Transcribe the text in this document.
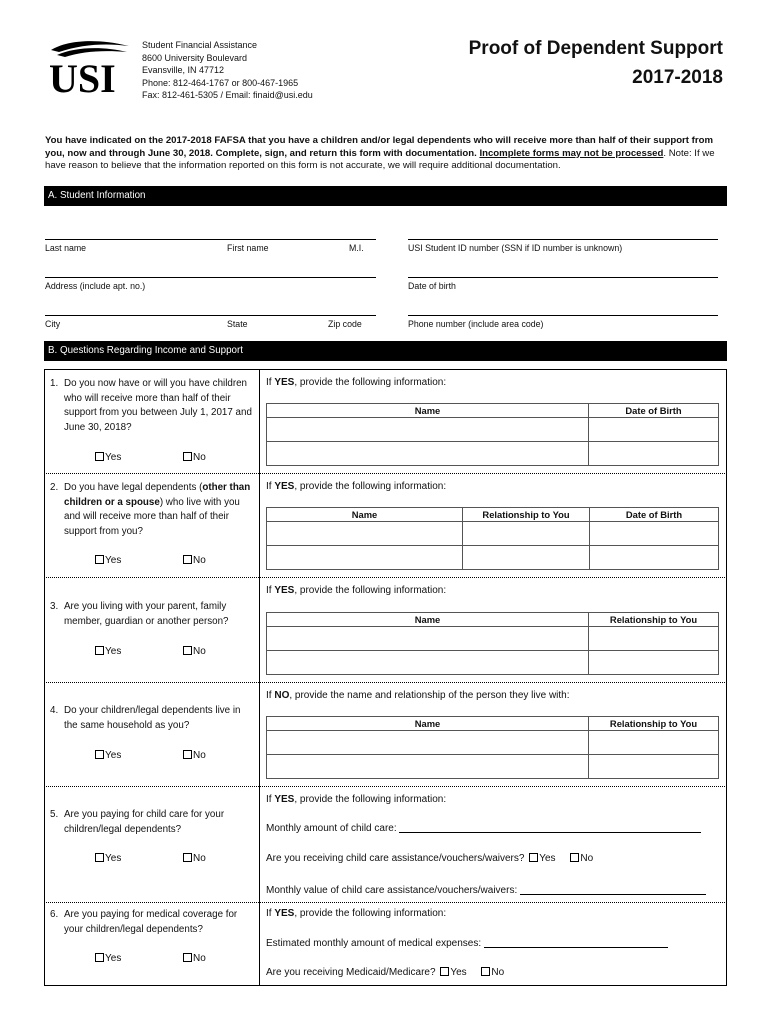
USI
Student Financial Assistance
8600 University Boulevard
Evansville, IN 47712
Phone: 812-464-1767 or 800-467-1965
Fax: 812-461-5305 / Email: finaid@usi.edu
Proof of Dependent Support
2017-2018
You have indicated on the 2017-2018 FAFSA that you have a children and/or legal dependents who will receive more than half of their support from you, now and through June 30, 2018. Complete, sign, and return this form with documentation. Incomplete forms may not be processed. Note: If we have reason to believe that the information reported on this form is not accurate, we will require additional documentation.
A. Student Information
Last name	First name	M.I.	USI Student ID number (SSN if ID number is unknown)
Address (include apt. no.)	Date of birth
City	State	Zip code	Phone number (include area code)
B. Questions Regarding Income and Support
1. Do you now have or will you have children who will receive more than half of their support from you between July 1, 2017 and June 30, 2018?
Yes	No
If YES, provide the following information:
Name	Date of Birth

2. Do you have legal dependents (other than children or a spouse) who live with you and will receive more than half of their support from you?
Yes	No
If YES, provide the following information:
Name	Relationship to You	Date of Birth

3. Are you living with your parent, family member, guardian or another person?
Yes	No
If YES, provide the following information:
Name	Relationship to You

4. Do your children/legal dependents live in the same household as you?
Yes	No
If NO, provide the name and relationship of the person they live with:
Name	Relationship to You

5. Are you paying for child care for your children/legal dependents?
Yes	No
If YES, provide the following information:
Monthly amount of child care:
Are you receiving child care assistance/vouchers/waivers? Yes No
Monthly value of child care assistance/vouchers/waivers:
6. Are you paying for medical coverage for your children/legal dependents?
Yes	No
If YES, provide the following information:
Estimated monthly amount of medical expenses:
Are you receiving Medicaid/Medicare? Yes No
